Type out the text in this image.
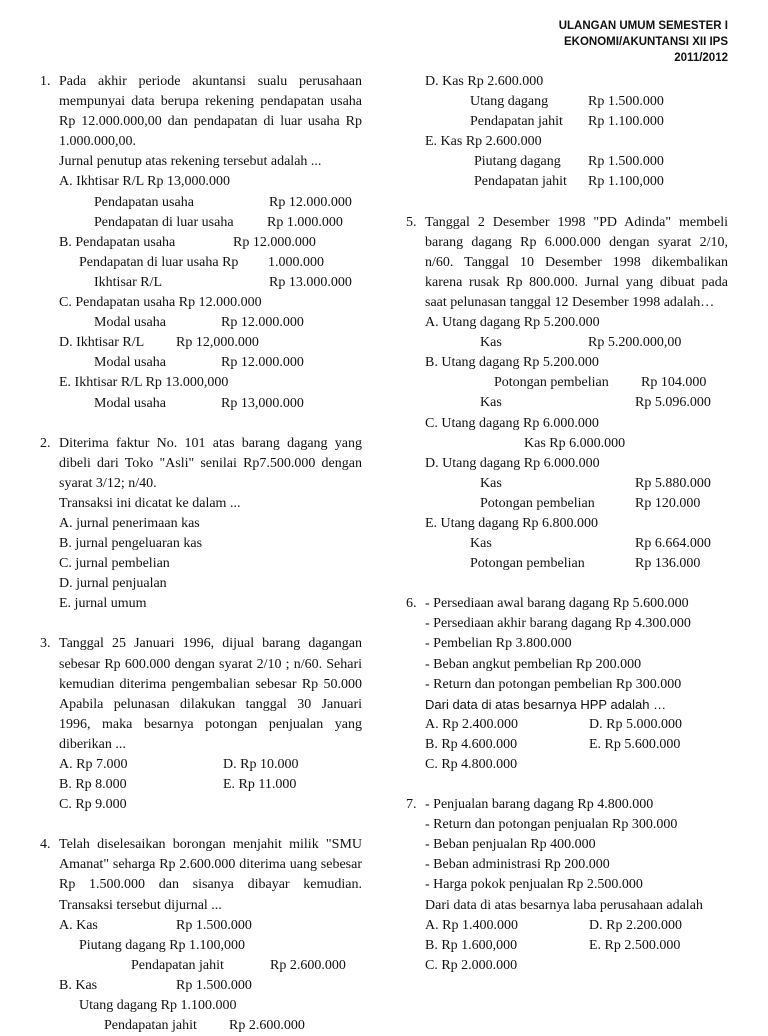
ULANGAN UMUM SEMESTER I
EKONOMI/AKUNTANSI XII IPS
2011/2012
1. Pada akhir periode akuntansi sualu perusahaan mempunyai data berupa rekening pendapatan usaha Rp 12.000.000,00 dan pendapatan di luar usaha Rp 1.000.000,00.
Jurnal penutup atas rekening tersebut adalah ...
A. Ikhtisar R/L Rp 13,000.000
Pendapatan usaha	Rp 12.000.000
Pendapatan di luar usaha Rp 1.000.000
B. Pendapatan usaha	Rp 12.000.000
Pendapatan di luar usaha Rp 1.000.000
Ikhtisar R/L	Rp 13.000.000
C. Pendapatan usaha Rp 12.000.000
Modal usaha	Rp 12.000.000
D. Ikhtisar R/L Rp 12,000.000
Modal usaha	Rp 12.000.000
E. Ikhtisar R/L Rp 13.000,000
Modal usaha	Rp 13,000.000
2. Diterima faktur No. 101 atas barang dagang yang dibeli dari Toko "Asli" senilai Rp7.500.000 dengan syarat 3/12; n/40.
Transaksi ini dicatat ke dalam ...
A. jurnal penerimaan kas
B. jurnal pengeluaran kas
C. jurnal pembelian
D. jurnal penjualan
E. jurnal umum
3. Tanggal 25 Januari 1996, dijual barang dagangan sebesar Rp 600.000 dengan syarat 2/10 ; n/60. Sehari kemudian diterima pengembalian sebesar Rp 50.000 Apabila pelunasan dilakukan tanggal 30 Januari 1996, maka besarnya potongan penjualan yang diberikan ...
A. Rp 7.000	D. Rp 10.000
B. Rp 8.000	E. Rp 11.000
C. Rp 9.000
4. Telah diselesaikan borongan menjahit milik "SMU Amanat" seharga Rp 2.600.000 diterima uang sebesar Rp 1.500.000 dan sisanya dibayar kemudian. Transaksi tersebut dijurnal ...
A. Kas	Rp 1.500.000
Piutang dagang Rp 1.100,000
Pendapatan jahit	Rp 2.600.000
B. Kas	Rp 1.500.000
Utang dagang Rp 1.100.000
Pendapatan jahit Rp 2.600.000
D. Kas Rp 2.600.000
Utang dagang	Rp 1.500.000
Pendapatan jahit Rp 1.100.000
E. Kas Rp 2.600.000
Piutang dagang Rp 1.500.000
Pendapatan jahit Rp 1.100,000
5. Tanggal 2 Desember 1998 "PD Adinda" membeli barang dagang Rp 6.000.000 dengan syarat 2/10, n/60. Tanggal 10 Desember 1998 dikembalikan karena rusak Rp 800.000. Jurnal yang dibuat pada saat pelunasan tanggal 12 Desember 1998 adalah…
A. Utang dagang Rp 5.200.000
Kas	Rp 5.200.000,00
B. Utang dagang Rp 5.200.000
Potongan pembelian Rp 104.000
Kas	Rp 5.096.000
C. Utang dagang Rp 6.000.000
Kas Rp 6.000.000
D. Utang dagang Rp 6.000.000
Kas	Rp 5.880.000
Potongan pembelian	Rp 120.000
E. Utang dagang Rp 6.800.000
Kas	Rp 6.664.000
Potongan pembelian	Rp 136.000
6. - Persediaan awal barang dagang Rp 5.600.000
- Persediaan akhir barang dagang Rp 4.300.000
- Pembelian Rp 3.800.000
- Beban angkut pembelian Rp 200.000
- Return dan potongan pembelian Rp 300.000
Dari data di atas besarnya HPP adalah …
A. Rp 2.400.000	D. Rp 5.000.000
B. Rp 4.600.000	E. Rp 5.600.000
C. Rp 4.800.000
7. - Penjualan barang dagang Rp 4.800.000
- Return dan potongan penjualan Rp 300.000
- Beban penjualan Rp 400.000
- Beban administrasi Rp 200.000
- Harga pokok penjualan Rp 2.500.000
Dari data di atas besarnya laba perusahaan adalah
A. Rp 1.400.000	D. Rp 2.200.000
B. Rp 1.600,000	E. Rp 2.500.000
C. Rp 2.000.000
